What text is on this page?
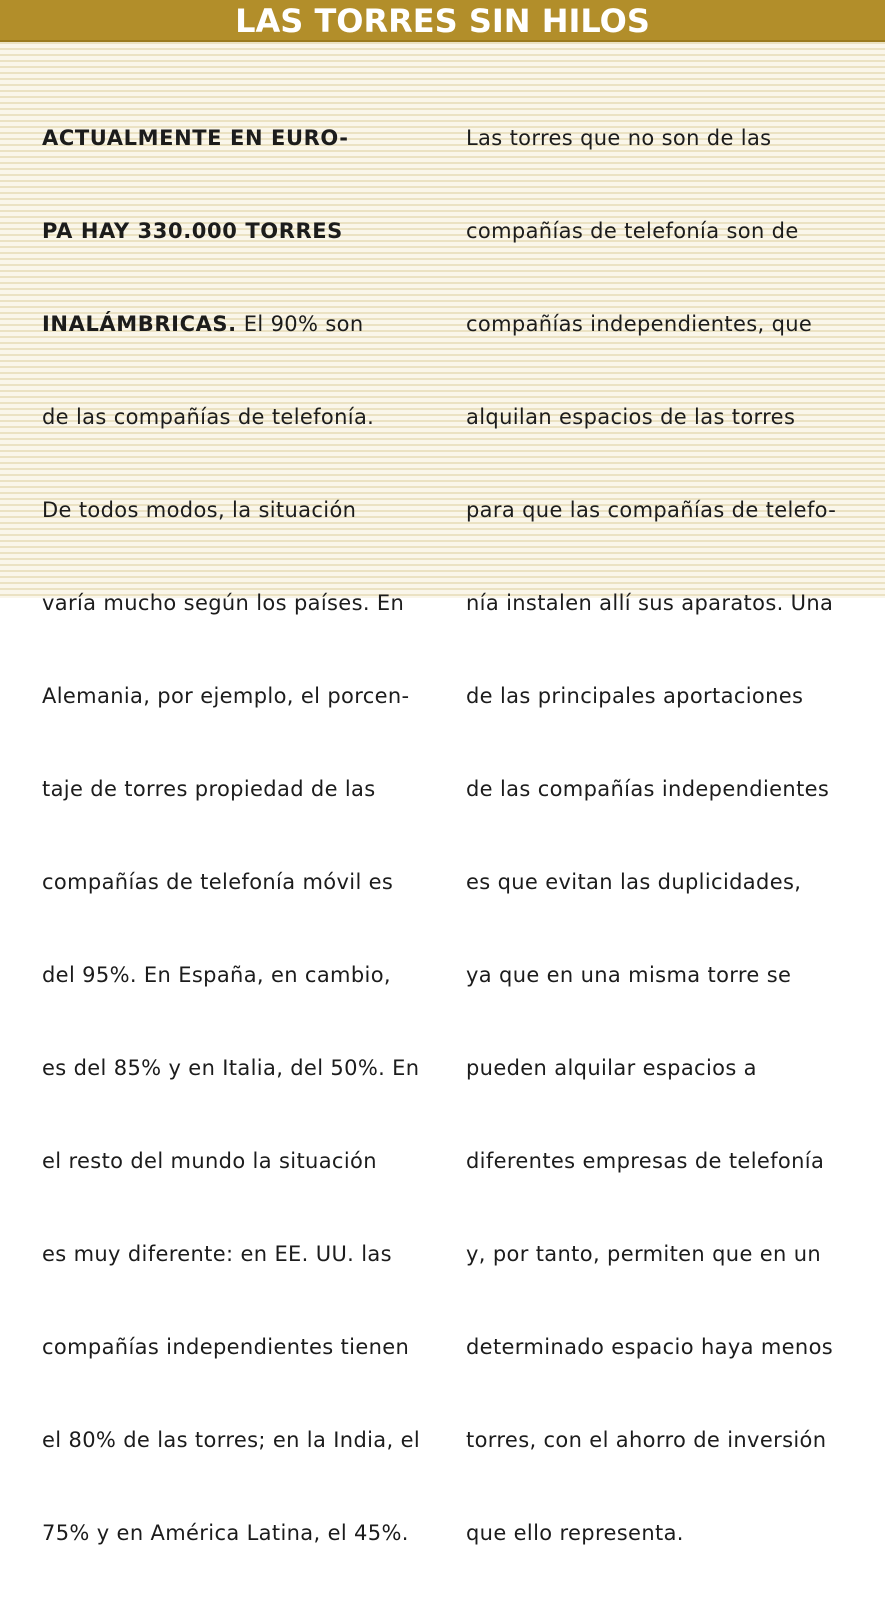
LAS TORRES SIN HILOS

ACTUALMENTE EN EURO-

PA HAY 330.000 TORRES

INALÁMBRICAS. El 90% son

de las compañías de telefonía.

De todos modos, la situación

varía mucho según los países. En

Alemania, por ejemplo, el porcen-

taje de torres propiedad de las

compañías de telefonía móvil es

del 95%. En España, en cambio,

es del 85% y en Italia, del 50%. En

el resto del mundo la situación

es muy diferente: en EE. UU. las

compañías independientes tienen

el 80% de las torres; en la India, el

75% y en América Latina, el 45%.

Las torres que no son de las

compañías de telefonía son de

compañías independientes, que

alquilan espacios de las torres

para que las compañías de telefo-

nía instalen allí sus aparatos. Una

de las principales aportaciones

de las compañías independientes

es que evitan las duplicidades,

ya que en una misma torre se

pueden alquilar espacios a

diferentes empresas de telefonía

y, por tanto, permiten que en un

determinado espacio haya menos

torres, con el ahorro de inversión

que ello representa.
